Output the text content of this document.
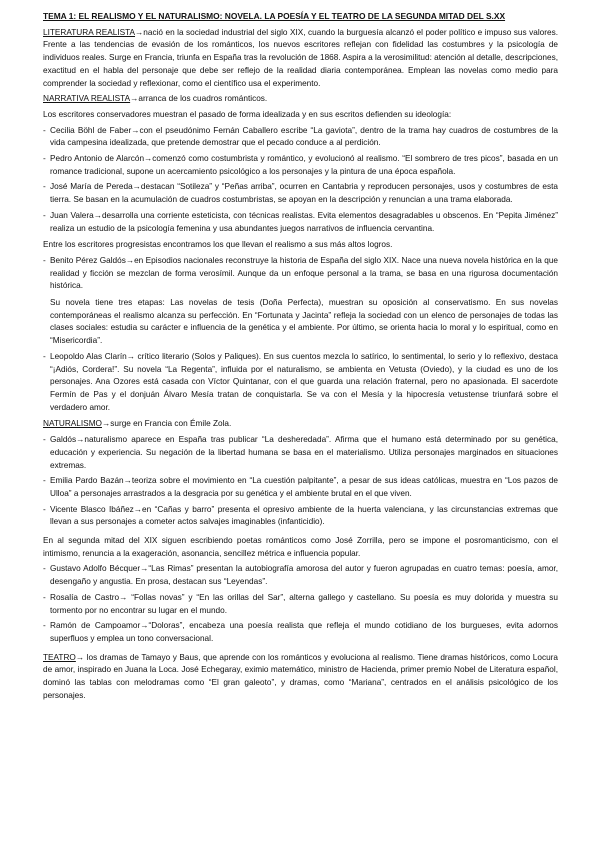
TEMA 1: EL REALISMO Y EL NATURALISMO: NOVELA. LA POESÍA Y EL TEATRO DE LA SEGUNDA MITAD DEL S.XX

LITERATURA REALISTA→nació en la sociedad industrial del siglo XIX, cuando la burguesía alcanzó el poder político e impuso sus valores. Frente a las tendencias de evasión de los románticos, los nuevos escritores reflejan con fidelidad las costumbres y la psicología de individuos reales. Surge en Francia, triunfa en España tras la revolución de 1868. Aspira a la verosimilitud: atención al detalle, descripciones, exactitud en el habla del personaje que debe ser reflejo de la realidad diaria contemporánea. Emplean las novelas como medio para comprender la sociedad y reflexionar, como el científico usa el experimento.

NARRATIVA REALISTA→arranca de los cuadros románticos.

Los escritores conservadores muestran el pasado de forma idealizada y en sus escritos defienden su ideología:

- Cecilia Böhl de Faber→con el pseudónimo Fernán Caballero escribe “La gaviota”, dentro de la trama hay cuadros de costumbres de la vida campesina idealizada, que pretende demostrar que el pecado conduce a al perdición.
- Pedro Antonio de Alarcón→comenzó como costumbrista y romántico, y evolucionó al realismo. “El sombrero de tres picos”, basada en un romance tradicional, supone un acercamiento psicológico a los personajes y la pintura de una época española.
- José María de Pereda→destacan “Sotileza” y “Peñas arriba”, ocurren en Cantabria y reproducen personajes, usos y costumbres de esta tierra. Se basan en la acumulación de cuadros costumbristas, se apoyan en la descripción y renuncian a una trama elaborada.
- Juan Valera→desarrolla una corriente esteticista, con técnicas realistas. Evita elementos desagradables u obscenos. En “Pepita Jiménez” realiza un estudio de la psicología femenina y usa abundantes juegos narrativos de influencia cervantina.

Entre los escritores progresistas encontramos los que llevan el realismo a sus más altos logros.

- Benito Pérez Galdós→en Episodios nacionales reconstruye la historia de España del siglo XIX. Nace una nueva novela histórica en la que realidad y ficción se mezclan de forma verosímil. Aunque da un enfoque personal a la trama, se basa en una rigurosa documentación histórica.

Su novela tiene tres etapas: Las novelas de tesis (Doña Perfecta), muestran su oposición al conservatismo. En sus novelas contemporáneas el realismo alcanza su perfección. En “Fortunata y Jacinta” refleja la sociedad con un elenco de personajes de todas las clases sociales: estudia su carácter e influencia de la genética y el ambiente. Por último, se orienta hacia lo moral y lo espiritual, como en “Misericordia”.

- Leopoldo Alas Clarín→ crítico literario (Solos y Paliques). En sus cuentos mezcla lo satírico, lo sentimental, lo serio y lo reflexivo, destaca “¡Adiós, Cordera!”. Su novela “La Regenta”, influida por el naturalismo, se ambienta en Vetusta (Oviedo), y la ciudad es uno de los personajes. Ana Ozores está casada con Víctor Quintanar, con el que guarda una relación fraternal, pero no apasionada. El sacerdote Fermín de Pas y el donjuán Álvaro Mesía tratan de conquistarla. Se va con el Mesía y la hipocresía vetustense triunfará sobre el verdadero amor.

NATURALISMO→surge en Francia con Émile Zola.

- Galdós→naturalismo aparece en España tras publicar “La desheredada”. Afirma que el humano está determinado por su genética, educación y experiencia. Su negación de la libertad humana se basa en el materialismo. Utiliza personajes marginados en situaciones extremas.
- Emilia Pardo Bazán→teoriza sobre el movimiento en “La cuestión palpitante”, a pesar de sus ideas católicas, muestra en “Los pazos de Ulloa” a personajes arrastrados a la desgracia por su genética y el ambiente brutal en el que viven.
- Vicente Blasco Ibáñez→en “Cañas y barro” presenta el opresivo ambiente de la huerta valenciana, y las circunstancias extremas que llevan a sus personajes a cometer actos salvajes imaginables (infanticidio).

En al segunda mitad del XIX siguen escribiendo poetas románticos como José Zorrilla, pero se impone el posromanticismo, con el intimismo, renuncia a la exageración, asonancia, sencillez métrica e influencia popular.

- Gustavo Adolfo Bécquer→“Las Rimas” presentan la autobiografía amorosa del autor y fueron agrupadas en cuatro temas: poesía, amor, desengaño y angustia. En prosa, destacan sus “Leyendas”.
- Rosalía de Castro→ “Follas novas” y “En las orillas del Sar”, alterna gallego y castellano. Su poesía es muy dolorida y muestra su tormento por no encontrar su lugar en el mundo.
- Ramón de Campoamor→“Doloras”, encabeza una poesía realista que refleja el mundo cotidiano de los burgueses, evita adornos superfluos y emplea un tono conversacional.

TEATRO→ los dramas de Tamayo y Baus, que aprende con los románticos y evoluciona al realismo. Tiene dramas históricos, como Locura de amor, inspirado en Juana la Loca. José Echegaray, eximio matemático, ministro de Hacienda, primer premio Nobel de Literatura español, dominó las tablas con melodramas como “El gran galeoto”, y dramas, como “Mariana”, centrados en el análisis psicológico de los personajes.
